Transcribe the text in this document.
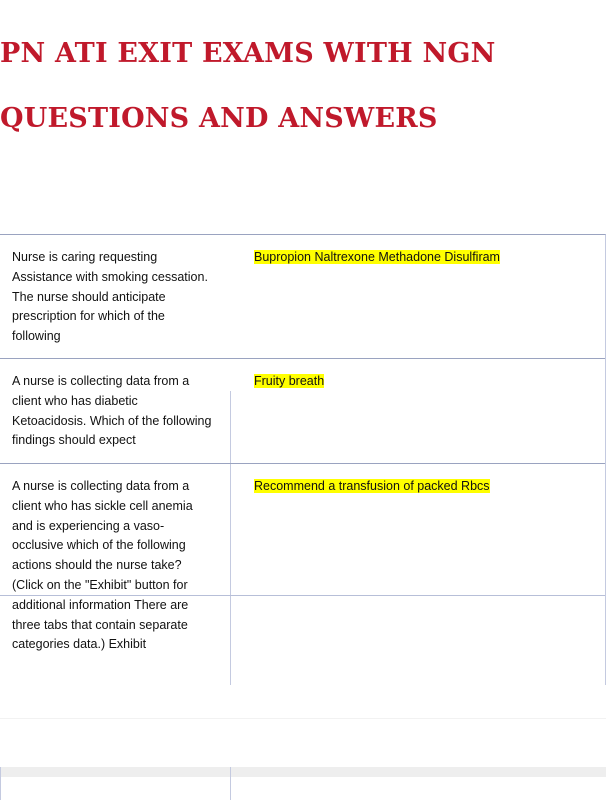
PN ATI EXIT EXAMS WITH NGN
QUESTIONS AND ANSWERS
Nurse is caring requesting
Assistance with smoking cessation.
The nurse should anticipate
prescription for which of the
following
Bupropion Naltrexone Methadone Disulfiram
A nurse is collecting data from a
client who has diabetic
Ketoacidosis. Which of the following
findings should expect
Fruity breath
A nurse is collecting data from a
client who has sickle cell anemia
and is experiencing a vaso-
occlusive which of the following
actions should the nurse take?
(Click on the "Exhibit" button for
additional information There are
three tabs that contain separate
categories data.) Exhibit
Recommend a transfusion of packed Rbcs
